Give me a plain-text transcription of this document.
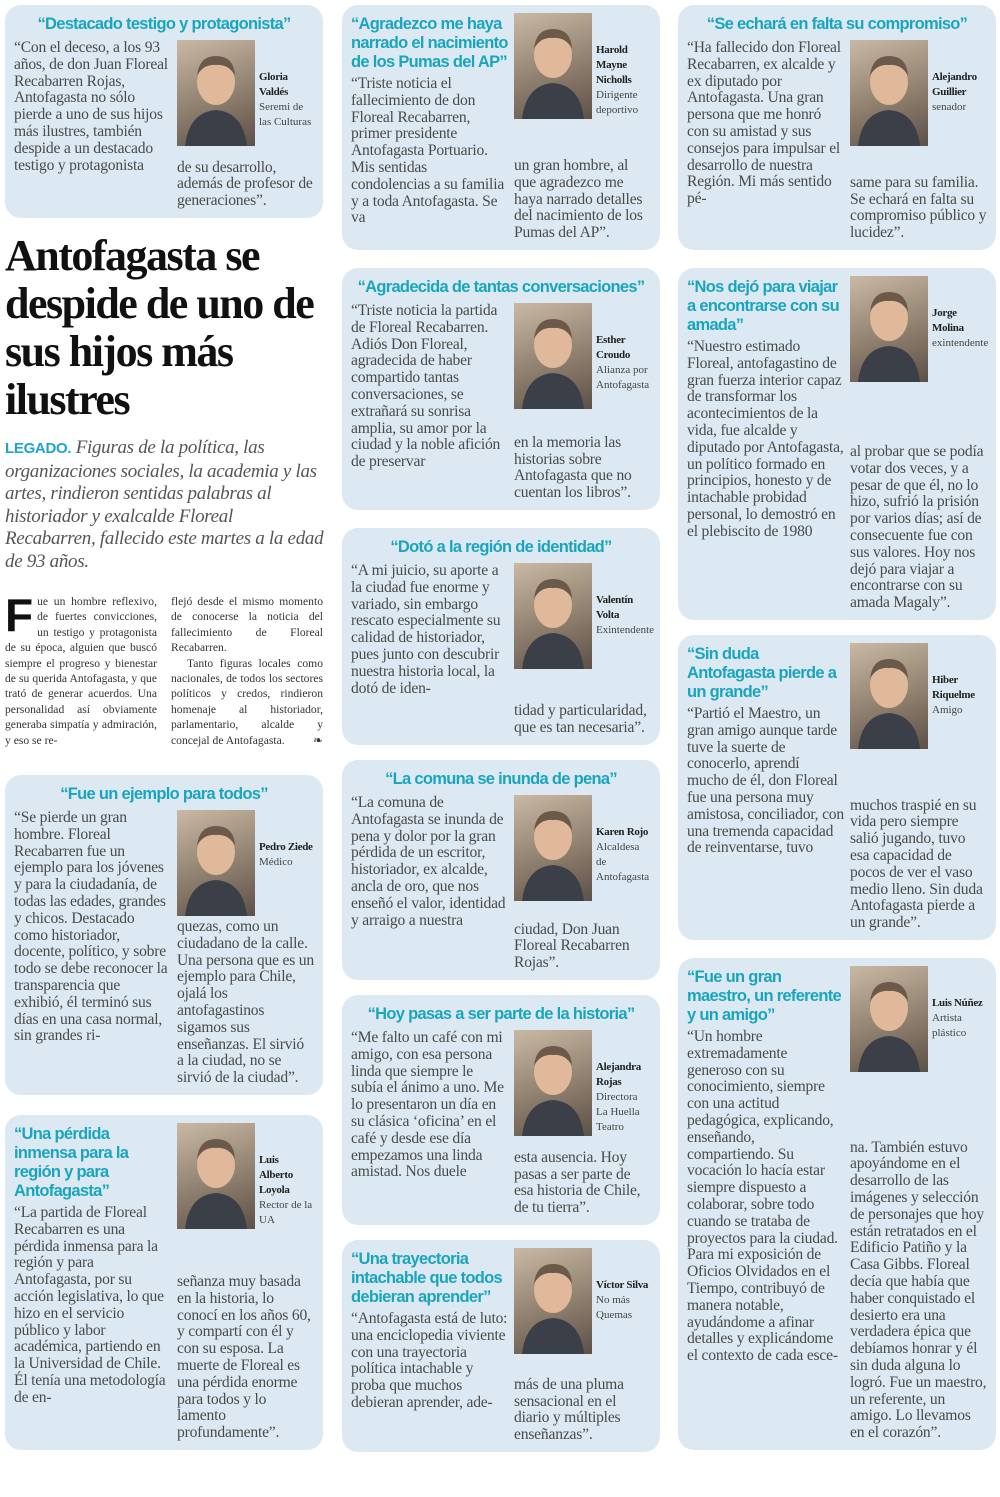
Antofagasta se despide de uno de sus hijos más ilustres

LEGADO. Figuras de la política, las organizaciones sociales, la academia y las artes, rindieron sentidas palabras al historiador y exalcalde Floreal Recabarren, fallecido este martes a la edad de 93 años.

Fue un hombre reflexivo, de fuertes convicciones, un testigo y protagonista de su época, alguien que buscó siempre el progreso y bienestar de su querida Antofagasta, y que trató de generar acuerdos. Una personalidad así obviamente generaba simpatía y admiración, y eso se re-

flejó desde el mismo momento de conocerse la noticia del fallecimiento de Floreal Recabarren.

Tanto figuras locales como nacionales, de todos los sectores políticos y credos, rindieron homenaje al historiador, parlamentario, alcalde y concejal de Antofagasta.	❧

“Destacado testigo y protagonista”

“Con el deceso, a los 93 años, de don Juan Floreal Recabarren Rojas, Antofagasta no sólo pierde a uno de sus hijos más ilustres, también despide a un destacado testigo y protagonista

Gloria Valdés
Seremi de las Culturas

de su desarrollo, además de profesor de generaciones”.

“Agradezco me haya narrado el nacimiento de los Pumas del AP”

“Triste noticia el fallecimiento de don Floreal Recabarren, primer presidente Antofagasta Portuario. Mis sentidas condolencias a su familia y a toda Antofagasta. Se va

Harold Mayne Nicholls
Dirigente deportivo

un gran hombre, al que agradezco me haya narrado detalles del nacimiento de los Pumas del AP”.

“Se echará en falta su compromiso”

“Ha fallecido don Floreal Recabarren, ex alcalde y ex diputado por Antofagasta. Una gran persona que me honró con su amistad y sus consejos para impulsar el desarrollo de nuestra Región. Mi más sentido pé-

Alejandro Guillier
senador

same para su familia. Se echará en falta su compromiso público y lucidez”.

“Agradecida de tantas conversaciones”

“Triste noticia la partida de Floreal Recabarren. Adiós Don Floreal, agradecida de haber compartido tantas conversaciones, se extrañará su sonrisa amplia, su amor por la ciudad y la noble afición de preservar

Esther Croudo
Alianza por Antofagasta

en la memoria las historias sobre Antofagasta que no cuentan los libros”.

“Nos dejó para viajar a encontrarse con su amada”

“Nuestro estimado Floreal, antofagastino de gran fuerza interior capaz de transformar los acontecimientos de la vida, fue alcalde y diputado por Antofagasta, un político formado en principios, honesto y de intachable probidad personal, lo demostró en el plebiscito de 1980

Jorge Molina
exintendente

al probar que se podía votar dos veces, y a pesar de que él, no lo hizo, sufrió la prisión por varios días; así de consecuente fue con sus valores. Hoy nos dejó para viajar a encontrarse con su amada Magaly”.

“Dotó a la región de identidad”

“A mi juicio, su aporte a la ciudad fue enorme y variado, sin embargo rescato especialmente su calidad de historiador, pues junto con descubrir nuestra historia local, la dotó de iden-

Valentín Volta
Exintendente

tidad y particularidad, que es tan necesaria”.

“Fue un ejemplo para todos”

“Se pierde un gran hombre. Floreal Recabarren fue un ejemplo para los jóvenes y para la ciudadanía, de todas las edades, grandes y chicos. Destacado como historiador, docente, político, y sobre todo se debe reconocer la transparencia que exhibió, él terminó sus días en una casa normal, sin grandes ri-

Pedro Ziede
Médico

quezas, como un ciudadano de la calle. Una persona que es un ejemplo para Chile, ojalá los antofagastinos sigamos sus enseñanzas. El sirvió a la ciudad, no se sirvió de la ciudad”.

“La comuna se inunda de pena”

“La comuna de Antofagasta se inunda de pena y dolor por la gran pérdida de un escritor, historiador, ex alcalde, ancla de oro, que nos enseñó el valor, identidad y arraigo a nuestra

Karen Rojo
Alcaldesa de Antofagasta

ciudad, Don Juan Floreal Recabarren Rojas”.

“Sin duda Antofagasta pierde a un grande”

“Partió el Maestro, un gran amigo aunque tarde tuve la suerte de conocerlo, aprendí mucho de él, don Floreal fue una persona muy amistosa, conciliador, con una tremenda capacidad de reinventarse, tuvo

Hiber Riquelme
Amigo

muchos traspié en su vida pero siempre salió jugando, tuvo esa capacidad de pocos de ver el vaso medio lleno. Sin duda Antofagasta pierde a un grande”.

“Hoy pasas a ser parte de la historia”

“Me falto un café con mi amigo, con esa persona linda que siempre le subía el ánimo a uno. Me lo presentaron un día en su clásica ‘oficina’ en el café y desde ese día empezamos una linda amistad. Nos duele

Alejandra Rojas
Directora La Huella Teatro

esta ausencia. Hoy pasas a ser parte de esa historia de Chile, de tu tierra”.

“Una pérdida inmensa para la región y para Antofagasta”

“La partida de Floreal Recabarren es una pérdida inmensa para la región y para Antofagasta, por su acción legislativa, lo que hizo en el servicio público y labor académica, partiendo en la Universidad de Chile. Él tenía una metodología de en-

Luis Alberto Loyola
Rector de la UA

señanza muy basada en la historia, lo conocí en los años 60, y compartí con él y con su esposa. La muerte de Floreal es una pérdida enorme para todos y lo lamento profundamente”.

“Una trayectoria intachable que todos debieran aprender”

“Antofagasta está de luto: una enciclopedia viviente con una trayectoria política intachable y proba que muchos debieran aprender, ade-

Víctor Silva
No más Quemas

más de una pluma sensacional en el diario y múltiples enseñanzas”.

“Fue un gran maestro, un referente y un amigo”

“Un hombre extremadamente generoso con su conocimiento, siempre con una actitud pedagógica, explicando, enseñando, compartiendo. Su vocación lo hacía estar siempre dispuesto a colaborar, sobre todo cuando se trataba de proyectos para la ciudad. Para mi exposición de Oficios Olvidados en el Tiempo, contribuyó de manera notable, ayudándome a afinar detalles y explicándome el contexto de cada esce-

Luis Núñez
Artista plástico

na. También estuvo apoyándome en el desarrollo de las imágenes y selección de personajes que hoy están retratados en el Edificio Patiño y la Casa Gibbs. Floreal decía que había que haber conquistado el desierto era una verdadera épica que debíamos honrar y él sin duda alguna lo logró. Fue un maestro, un referente, un amigo. Lo llevamos en el corazón”.
